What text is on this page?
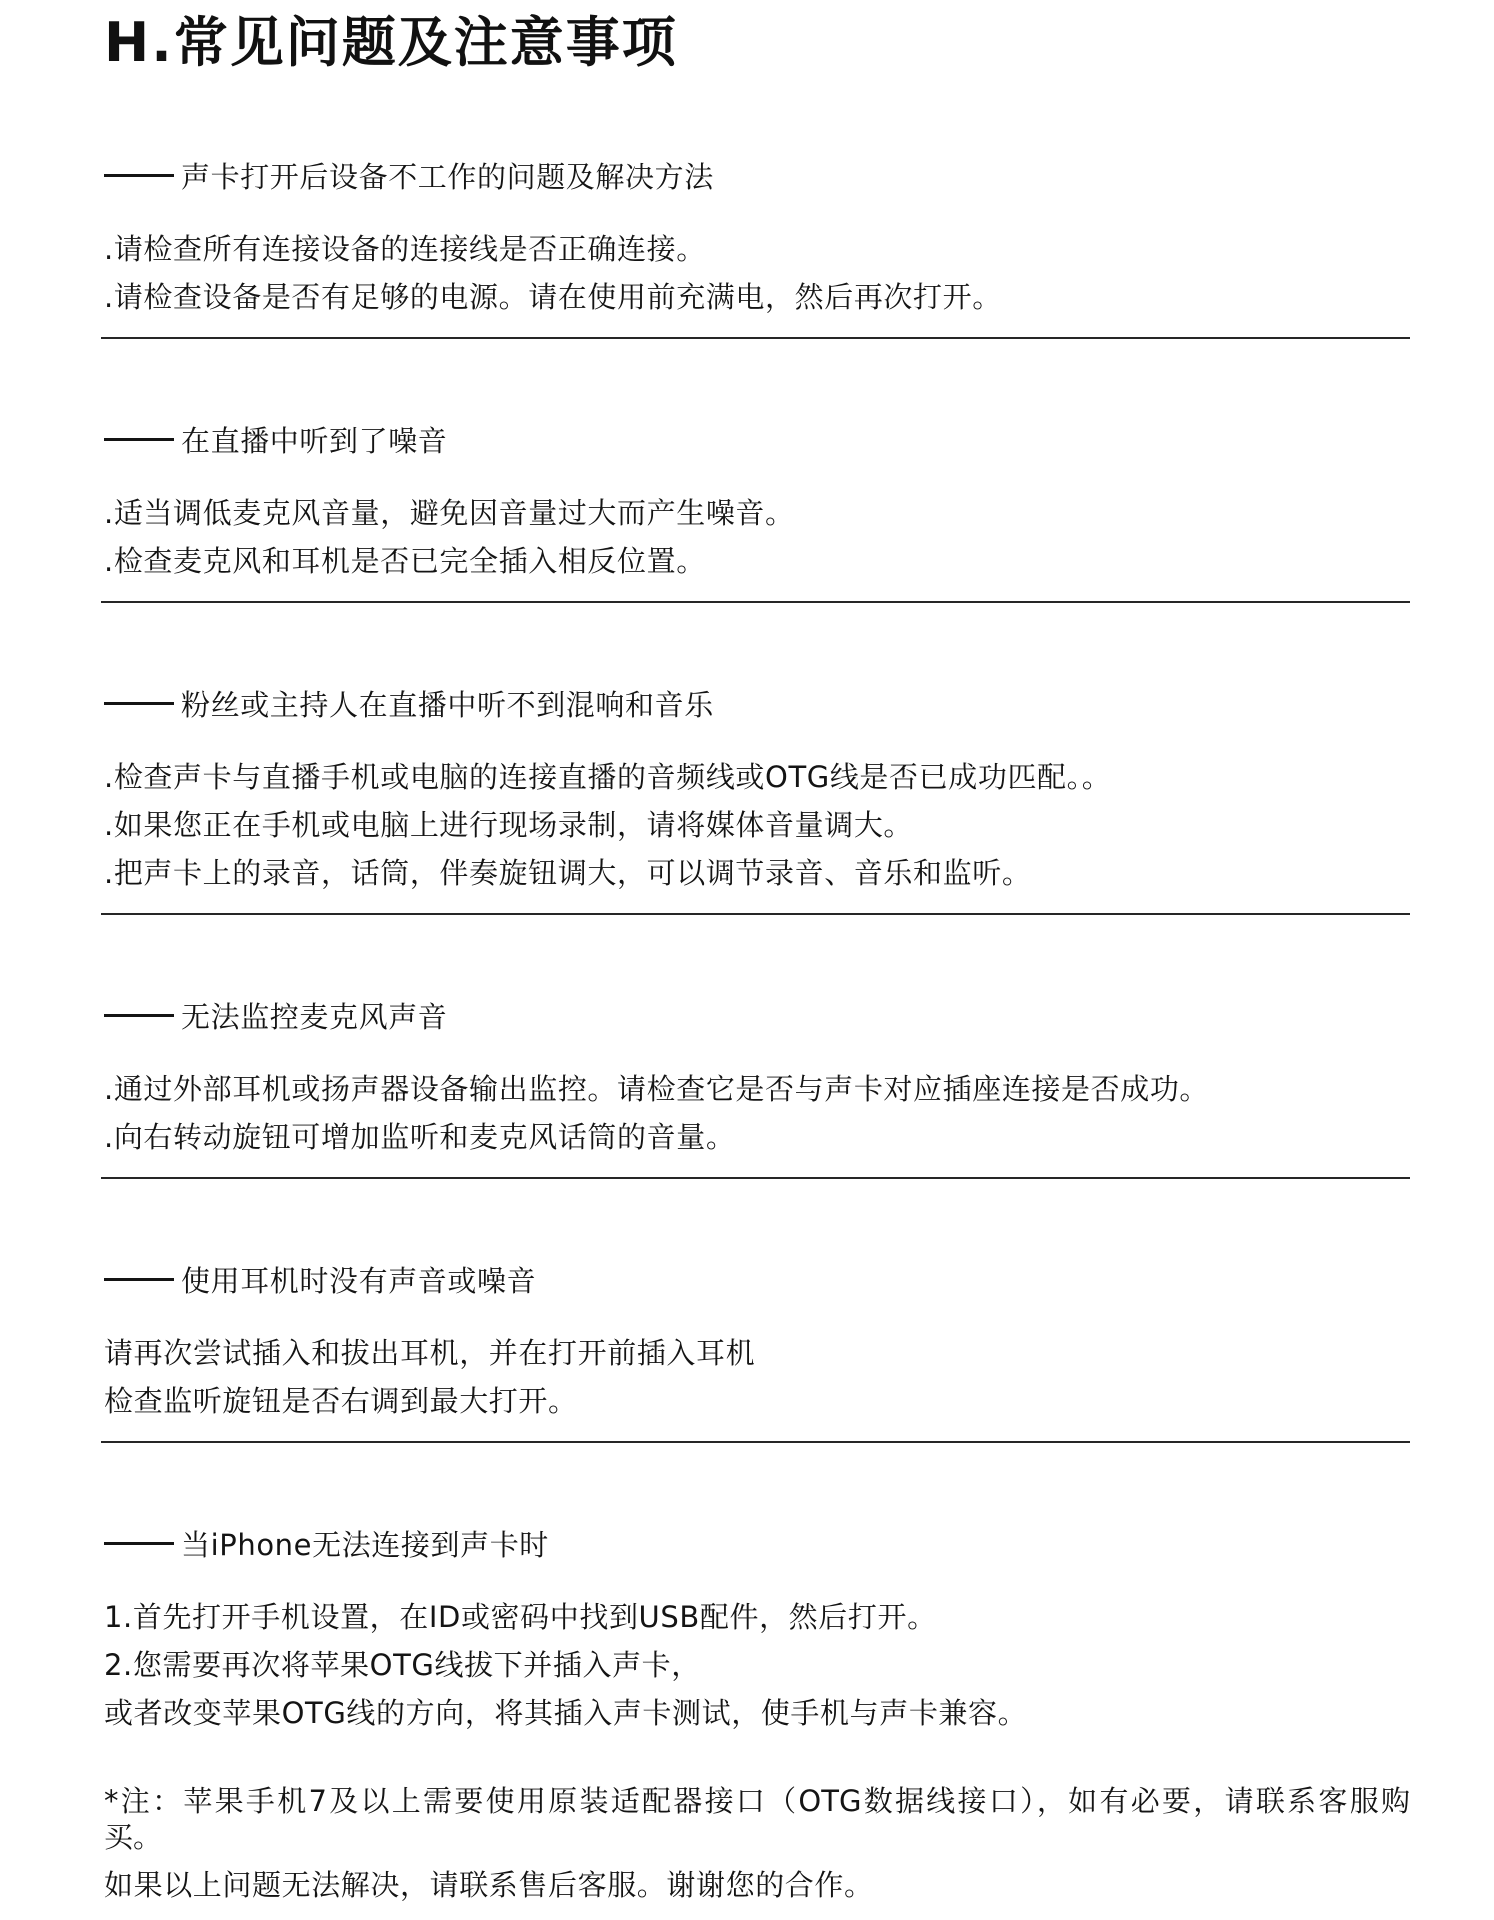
H.常见问题及注意事项
声卡打开后设备不工作的问题及解决方法

.请检查所有连接设备的连接线是否正确连接。

.请检查设备是否有足够的电源。请在使用前充满电，然后再次打开。

在直播中听到了噪音

.适当调低麦克风音量，避免因音量过大而产生噪音。

.检查麦克风和耳机是否已完全插入相反位置。

粉丝或主持人在直播中听不到混响和音乐

.检查声卡与直播手机或电脑的连接直播的音频线或OTG线是否已成功匹配。。

.如果您正在手机或电脑上进行现场录制，请将媒体音量调大。

.把声卡上的录音，话筒，伴奏旋钮调大，可以调节录音、音乐和监听。

无法监控麦克风声音

.通过外部耳机或扬声器设备输出监控。请检查它是否与声卡对应插座连接是否成功。

.向右转动旋钮可增加监听和麦克风话筒的音量。

使用耳机时没有声音或噪音

请再次尝试插入和拔出耳机，并在打开前插入耳机

检查监听旋钮是否右调到最大打开。

当iPhone无法连接到声卡时

1.首先打开手机设置，在ID或密码中找到USB配件，然后打开。

2.您需要再次将苹果OTG线拔下并插入声卡，

或者改变苹果OTG线的方向，将其插入声卡测试，使手机与声卡兼容。

*注：苹果手机7及以上需要使用原装适配器接口（OTG数据线接口），如有必要，请联系客服购

买。

如果以上问题无法解决，请联系售后客服。谢谢您的合作。
